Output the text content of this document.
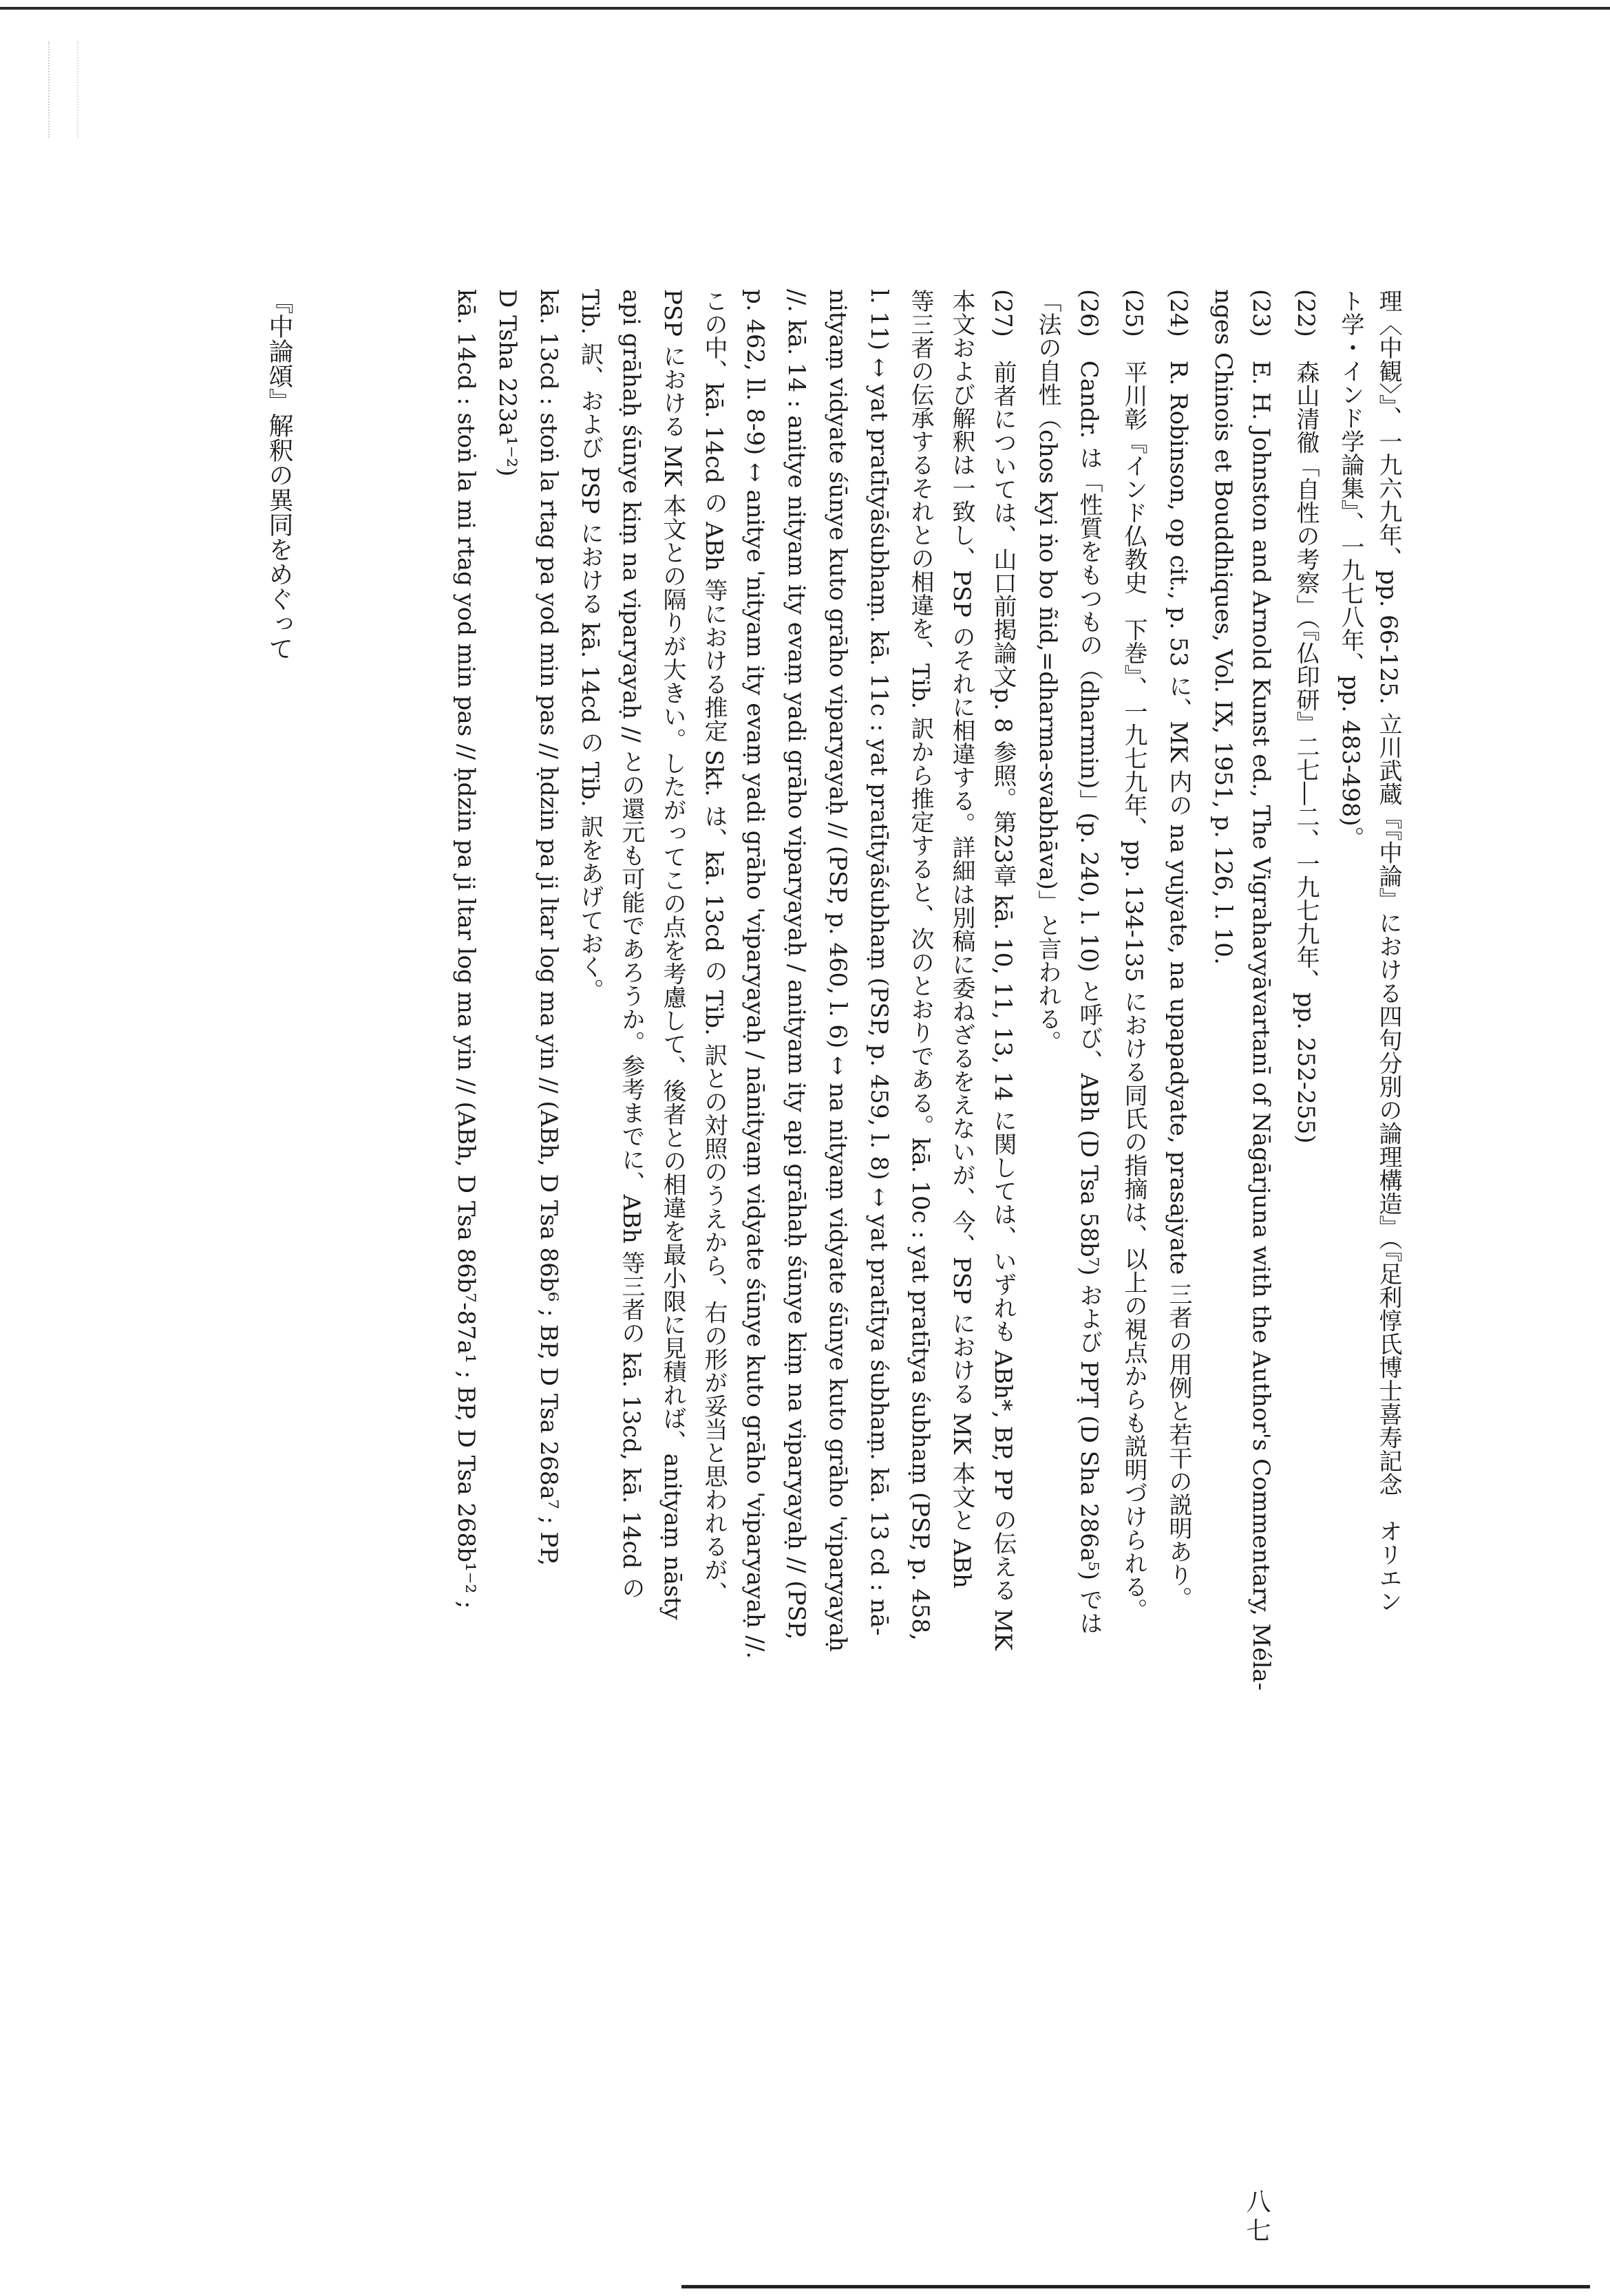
理〈中観〉』、一九六九年、pp. 66-125. 立川武蔵『『中論』における四句分別の論理構造』（『足利惇氏博士喜寿記念　オリエン
ト学・インド学論集』、一九七八年、pp. 483-498)。
(22)　森山清徹「自性の考察」（『仏印研』二七―二、一九七九年、pp. 252-255)
(23)　E. H. Johnston and Arnold Kunst ed., The Vigrahavyāvartanī of Nāgārjuna with the Author's Commentary, Méla-
nges Chinois et Bouddhiques, Vol. IX, 1951, p. 126, l. 10.
(24)　R. Robinson, op cit., p. 53 に、MK 内の na yujyate, na upapadyate, prasajyate 三者の用例と若干の説明あり。
(25)　平川彰『インド仏教史　下巻』、一九七九年、pp. 134-135 における同氏の指摘は、以上の視点からも説明づけられる。
(26)　Candr. は「性質をもつもの（dharmin)」(p. 240, l. 10) と呼び、ABh (D Tsa 58b⁷) および PPṬ (D Sha 286a⁵) では
「法の自性（chos kyi ṅo bo ñid,=dharma-svabhāva)」と言われる。
(27)　前者については、山口前掲論文p. 8 参照。第23章 kā. 10, 11, 13, 14 に関しては、いずれも ABh*, BP, PP の伝える MK
本文および解釈は一致し、PSP のそれに相違する。詳細は別稿に委ねざるをえないが、今、PSP における MK 本文と ABh
等三者の伝承するそれとの相違を、Tib. 訳から推定すると、次のとおりである。kā. 10c : yat pratītya śubhaṃ (PSP, p. 458,
l. 11) ↔ yat pratītyāśubhaṃ. kā. 11c : yat pratītyāśubhaṃ (PSP, p. 459, l. 8) ↔ yat pratītya śubhaṃ. kā. 13 cd : nā-
nityaṃ vidyate śūnye kuto grāho viparyayaḥ // (PSP, p. 460, l. 6) ↔ na nityaṃ vidyate śūnye kuto grāho 'viparyayaḥ
//. kā. 14 : anitye nityam ity evaṃ yadi grāho viparyayaḥ / anityam ity api grāhaḥ śūnye kiṃ na viparyayaḥ // (PSP,
p. 462, ll. 8-9) ↔ anitye 'nityam ity evaṃ yadi grāho 'viparyayaḥ / nānityaṃ vidyate śūnye kuto grāho 'viparyayaḥ //.
この中、kā. 14cd の ABh 等における推定 Skt. は、kā. 13cd の Tib. 訳との対照のうえから、右の形が妥当と思われるが、
PSP における MK 本文との隔りが大きい。したがってこの点を考慮して、後者との相違を最小限に見積れば、anityaṃ nāsty
api grāhaḥ śūnye kiṃ na viparyayaḥ // との還元も可能であろうか。参考までに、ABh 等三者の kā. 13cd, kā. 14cd の
Tib. 訳、および PSP における kā. 14cd の Tib. 訳をあげておく。
kā. 13cd : stoṅ la rtag pa yod min pas // ḥdzin pa ji ltar log ma yin // (ABh, D Tsa 86b⁶ ; BP, D Tsa 268a⁷ ; PP,
D Tsha 223a¹⁻²)
kā. 14cd : stoṅ la mi rtag yod min pas // ḥdzin pa ji ltar log ma yin // (ABh, D Tsa 86b⁷-87a¹ ; BP, D Tsa 268b¹⁻² ;
『中論頌』解釈の異同をめぐって
八七
